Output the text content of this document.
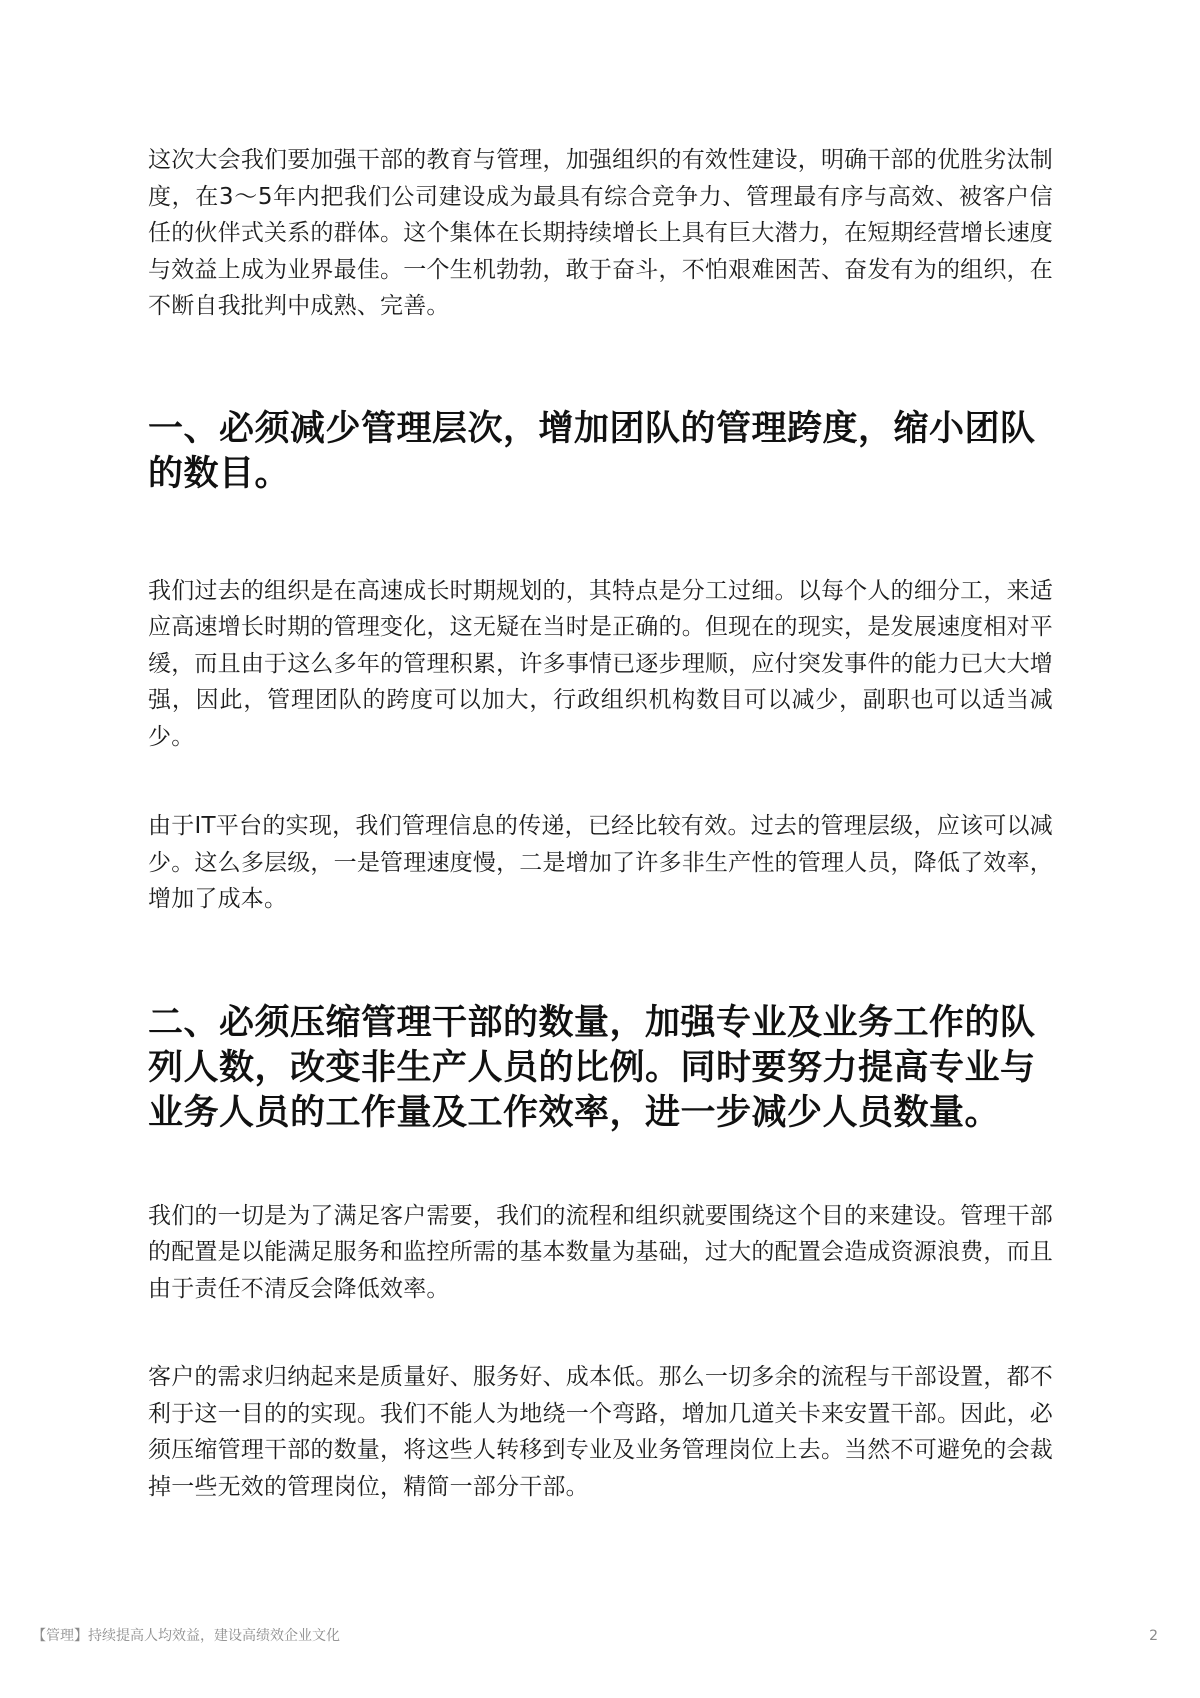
这次大会我们要加强干部的教育与管理，加强组织的有效性建设，明确干部的优胜劣汰制度，在3～5年内把我们公司建设成为最具有综合竞争力、管理最有序与高效、被客户信任的伙伴式关系的群体。这个集体在长期持续增长上具有巨大潜力，在短期经营增长速度与效益上成为业界最佳。一个生机勃勃，敢于奋斗，不怕艰难困苦、奋发有为的组织，在不断自我批判中成熟、完善。

一、必须减少管理层次，增加团队的管理跨度，缩小团队的数目。

我们过去的组织是在高速成长时期规划的，其特点是分工过细。以每个人的细分工，来适应高速增长时期的管理变化，这无疑在当时是正确的。但现在的现实，是发展速度相对平缓，而且由于这么多年的管理积累，许多事情已逐步理顺，应付突发事件的能力已大大增强，因此，管理团队的跨度可以加大，行政组织机构数目可以减少，副职也可以适当减少。

由于IT平台的实现，我们管理信息的传递，已经比较有效。过去的管理层级，应该可以减少。这么多层级，一是管理速度慢，二是增加了许多非生产性的管理人员，降低了效率，增加了成本。

二、必须压缩管理干部的数量，加强专业及业务工作的队列人数，改变非生产人员的比例。同时要努力提高专业与业务人员的工作量及工作效率，进一步减少人员数量。

我们的一切是为了满足客户需要，我们的流程和组织就要围绕这个目的来建设。管理干部的配置是以能满足服务和监控所需的基本数量为基础，过大的配置会造成资源浪费，而且由于责任不清反会降低效率。

客户的需求归纳起来是质量好、服务好、成本低。那么一切多余的流程与干部设置，都不利于这一目的的实现。我们不能人为地绕一个弯路，增加几道关卡来安置干部。因此，必须压缩管理干部的数量，将这些人转移到专业及业务管理岗位上去。当然不可避免的会裁掉一些无效的管理岗位，精简一部分干部。

【管理】持续提高人均效益，建设高绩效企业文化	2
